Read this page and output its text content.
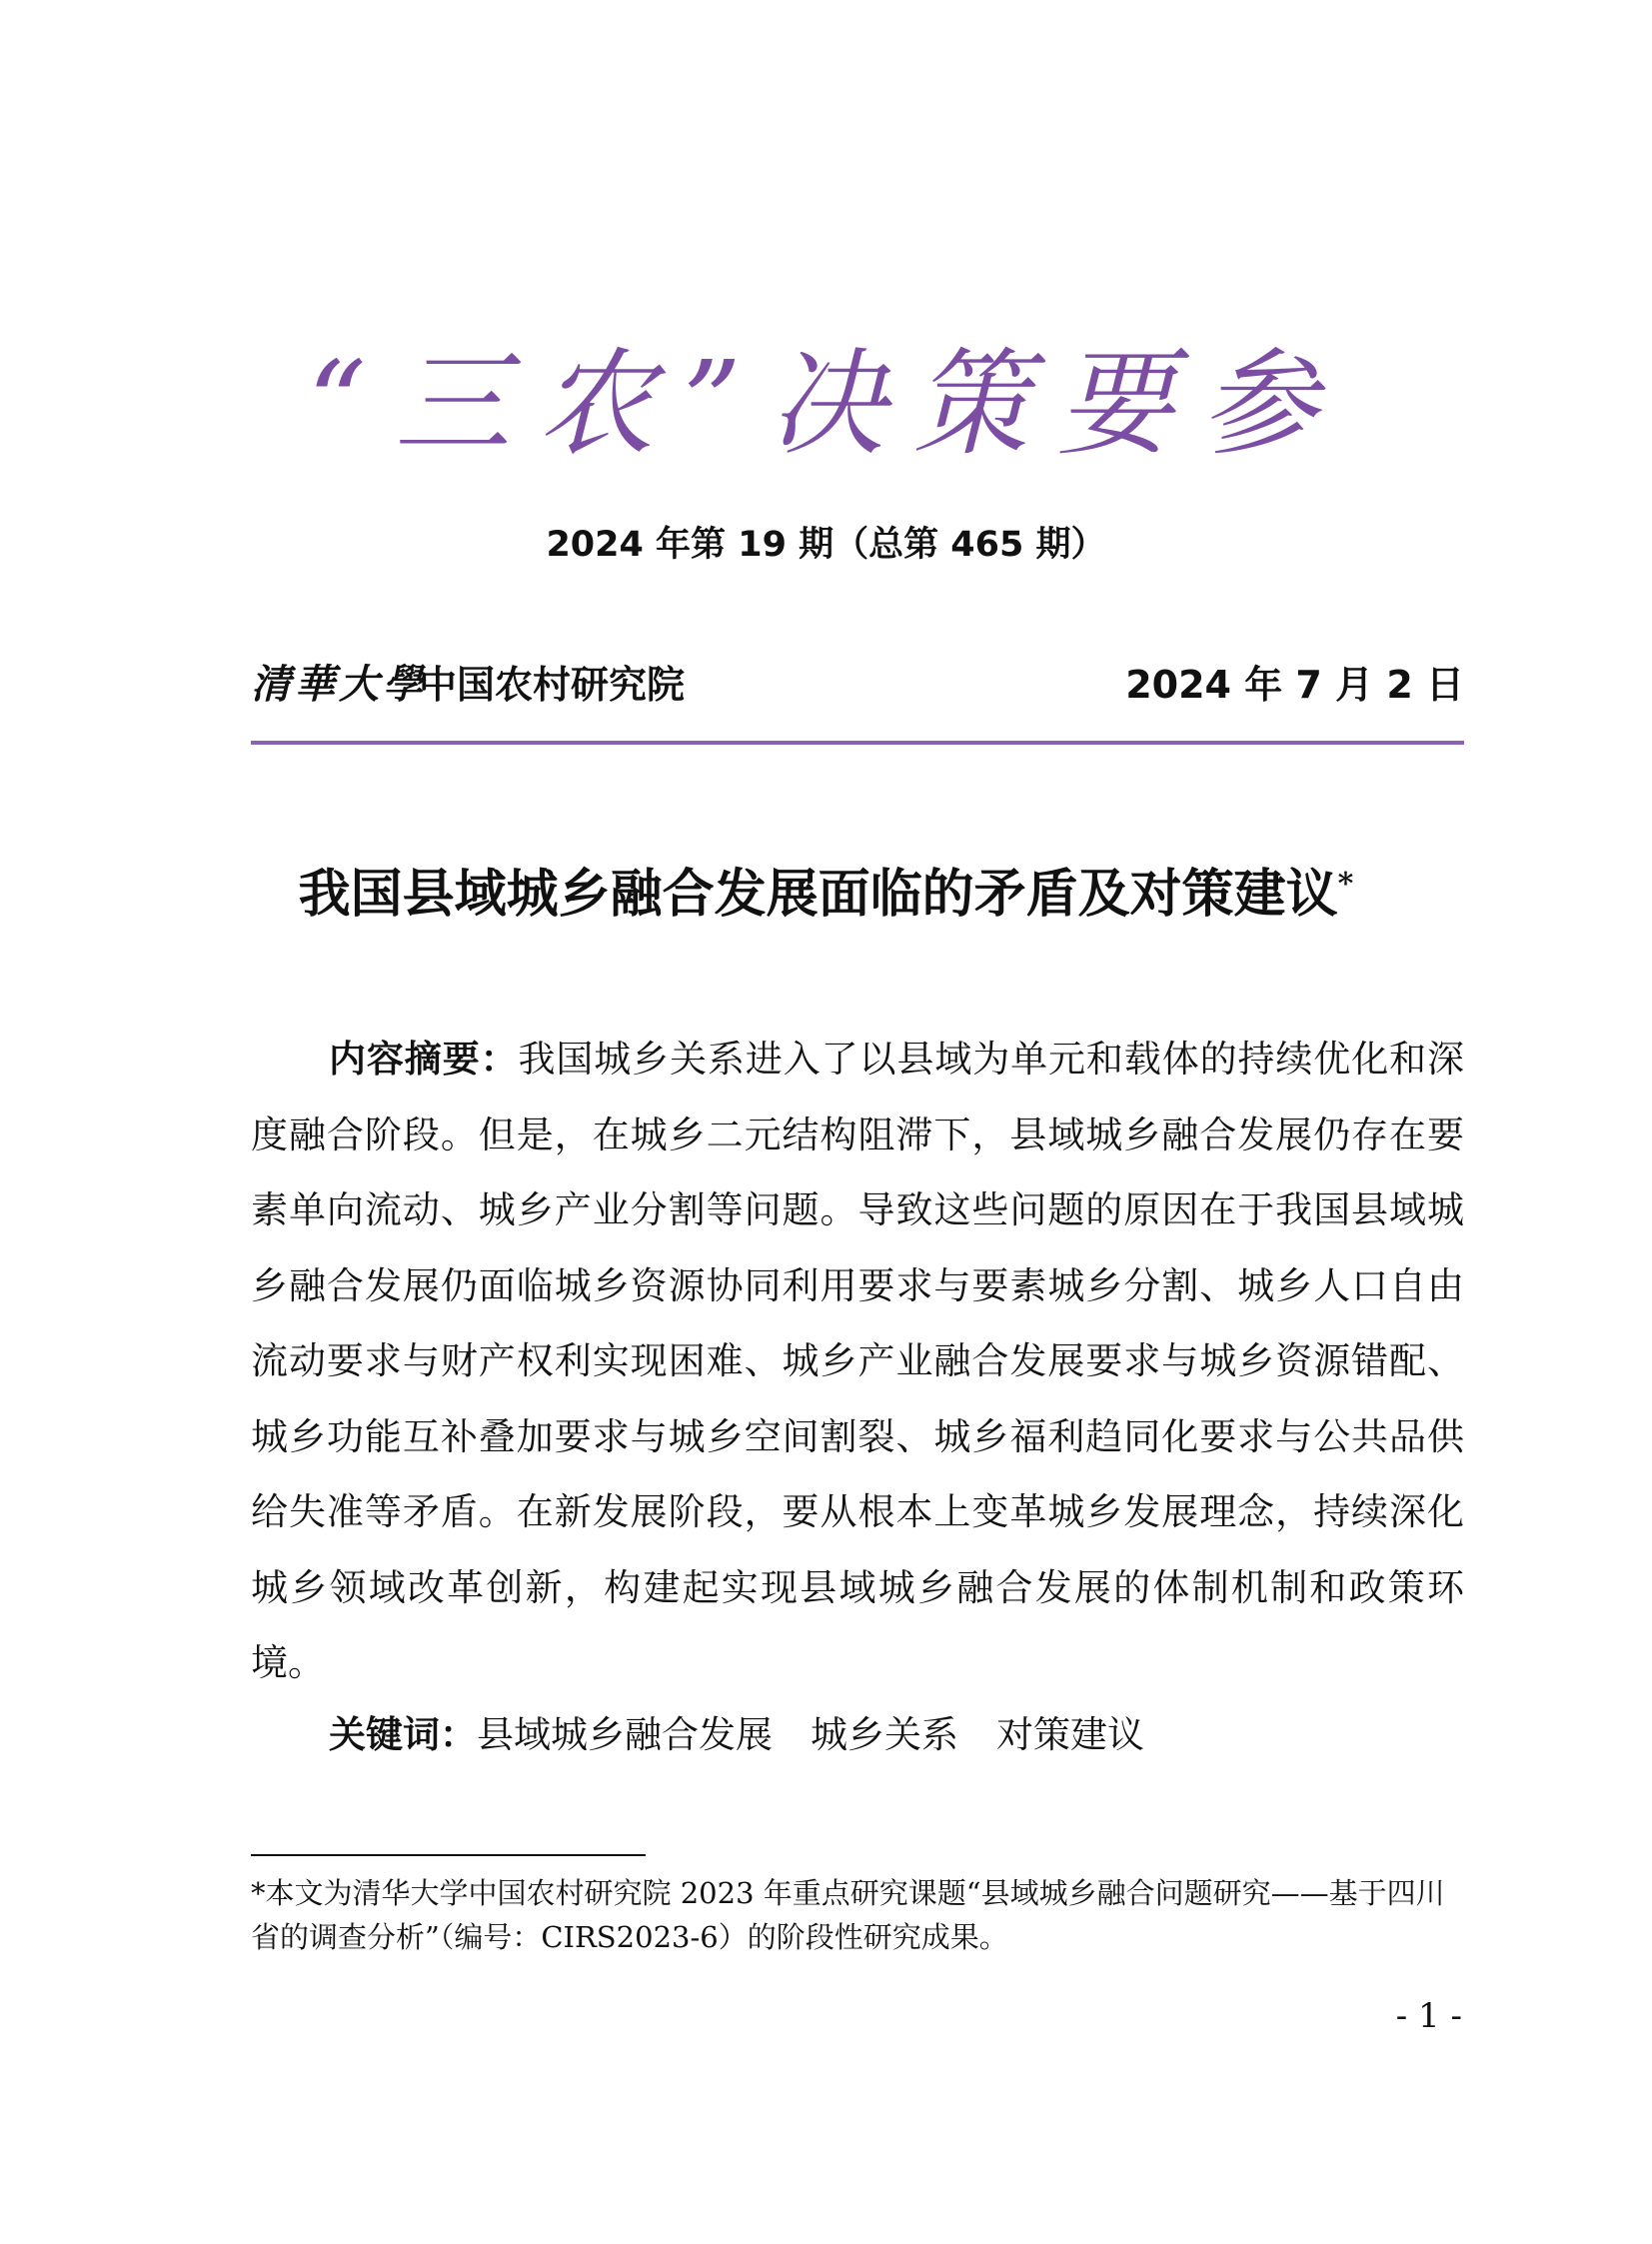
“三农”决策要参
2024 年第 19 期（总第 465 期）
清華大學
中国农村研究院	2024 年 7 月 2 日
我国县域城乡融合发展面临的矛盾及对策建议*

内容摘要：我国城乡关系进入了以县域为单元和载体的持续优化和深度融合阶段。但是，在城乡二元结构阻滞下，县域城乡融合发展仍存在要素单向流动、城乡产业分割等问题。导致这些问题的原因在于我国县域城乡融合发展仍面临城乡资源协同利用要求与要素城乡分割、城乡人口自由流动要求与财产权利实现困难、城乡产业融合发展要求与城乡资源错配、城乡功能互补叠加要求与城乡空间割裂、城乡福利趋同化要求与公共品供给失准等矛盾。在新发展阶段，要从根本上变革城乡发展理念，持续深化城乡领域改革创新，构建起实现县域城乡融合发展的体制机制和政策环境。

关键词：县域城乡融合发展 城乡关系 对策建议

*本文为清华大学中国农村研究院 2023 年重点研究课题“县域城乡融合问题研究——基于四川省的调查分析”（编号：CIRS2023-6）的阶段性研究成果。

- 1 -
